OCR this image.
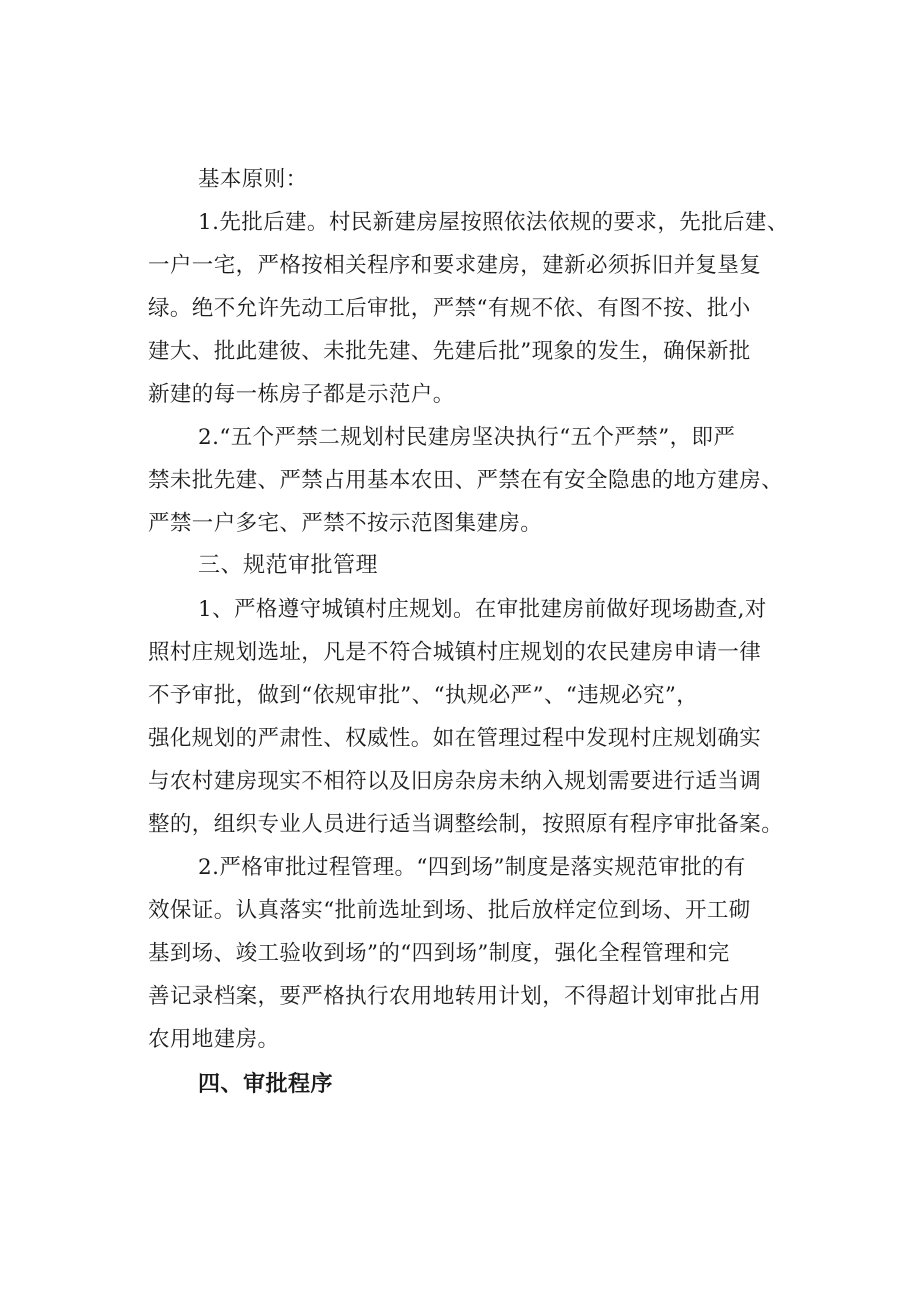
基本原则：

1.先批后建。村民新建房屋按照依法依规的要求，先批后建、

一户一宅，严格按相关程序和要求建房，建新必须拆旧并复垦复

绿。绝不允许先动工后审批，严禁“有规不依、有图不按、批小

建大、批此建彼、未批先建、先建后批”现象的发生，确保新批

新建的每一栋房子都是示范户。

2.“五个严禁二规划村民建房坚决执行“五个严禁”，即严

禁未批先建、严禁占用基本农田、严禁在有安全隐患的地方建房、

严禁一户多宅、严禁不按示范图集建房。

三、规范审批管理

1、严格遵守城镇村庄规划。在审批建房前做好现场勘查,对

照村庄规划选址，凡是不符合城镇村庄规划的农民建房申请一律

不予审批，做到“依规审批”、“执规必严”、“违规必究”，

强化规划的严肃性、权威性。如在管理过程中发现村庄规划确实

与农村建房现实不相符以及旧房杂房未纳入规划需要进行适当调

整的，组织专业人员进行适当调整绘制，按照原有程序审批备案。

2.严格审批过程管理。“四到场”制度是落实规范审批的有

效保证。认真落实“批前选址到场、批后放样定位到场、开工砌

基到场、竣工验收到场”的“四到场”制度，强化全程管理和完

善记录档案，要严格执行农用地转用计划，不得超计划审批占用

农用地建房。

四、审批程序
